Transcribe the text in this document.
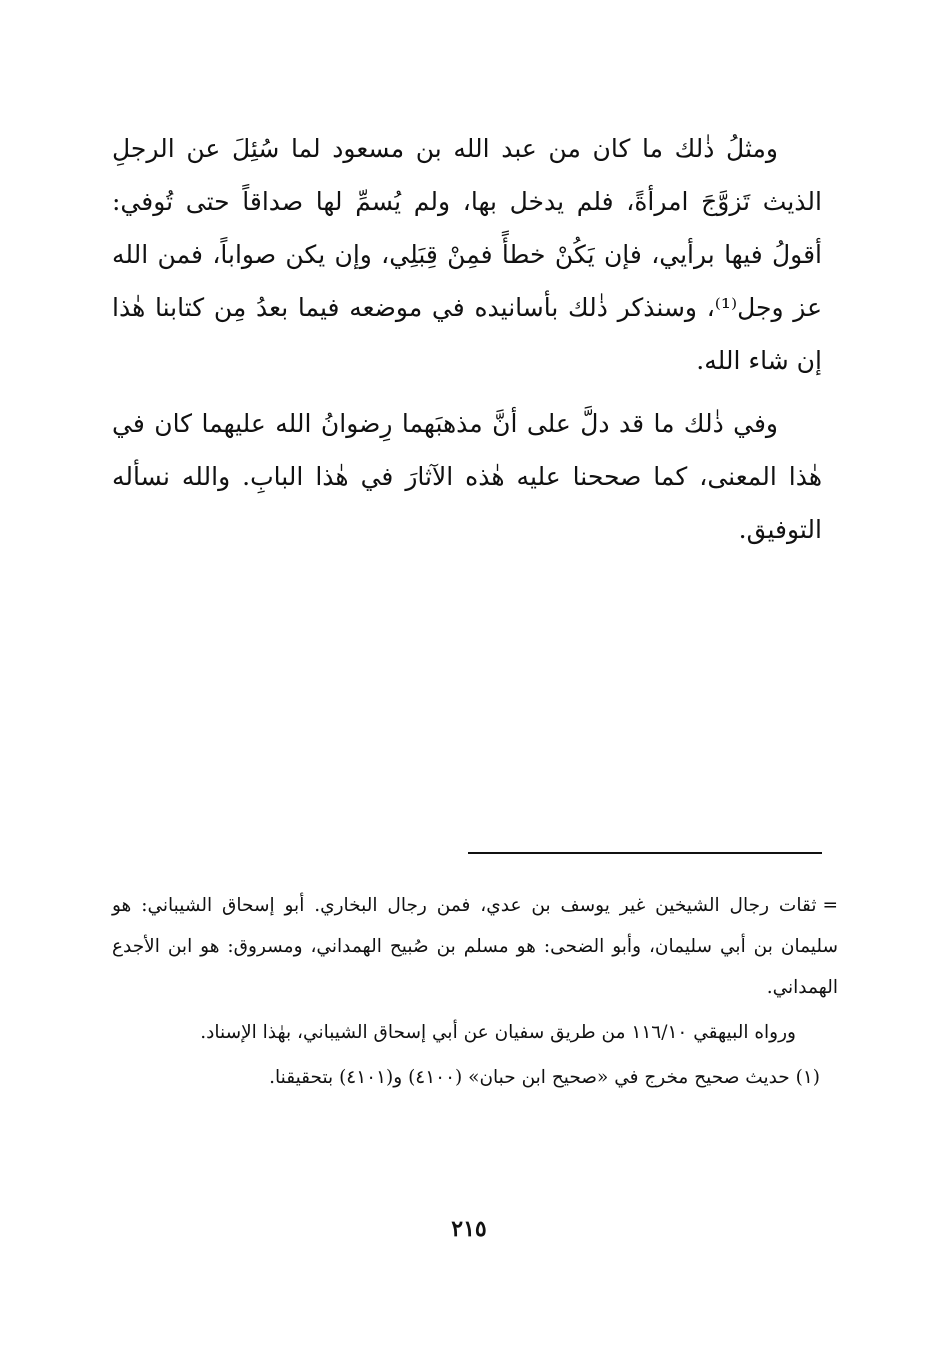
ومثلُ ذٰلك ما كان من عبد الله بن مسعود لما سُئِلَ عن الرجلِ الذيث تَزوَّجَ امرأةً، فلم يدخل بها، ولم يُسمِّ لها صداقاً حتى تُوفي: أقولُ فيها برأيي، فإن يَكُنْ خطأً فمِنْ قِبَلِي، وإن يكن صواباً، فمن الله عز وجل⁽¹⁾، وسنذكر ذٰلك بأسانيده في موضعه فيما بعدُ مِن كتابنا هٰذا إن شاء الله.

وفي ذٰلك ما قد دلَّ على أنَّ مذهبَهما رِضوانُ الله عليهما كان في هٰذا المعنى، كما صححنا عليه هٰذه الآثارَ في هٰذا البابِ. والله نسأله التوفيق.

=ثقات رجال الشيخين غير يوسف بن عدي، فمن رجال البخاري. أبو إسحاق الشيباني: هو سليمان بن أبي سليمان، وأبو الضحى: هو مسلم بن صُبيح الهمداني، ومسروق: هو ابن الأجدع الهمداني.

ورواه البيهقي ١١٦/١٠ من طريق سفيان عن أبي إسحاق الشيباني، بهٰذا الإسناد.

(١) حديث صحيح مخرج في «صحيح ابن حبان» (٤١٠٠) و(٤١٠١) بتحقيقنا.

٢١٥
